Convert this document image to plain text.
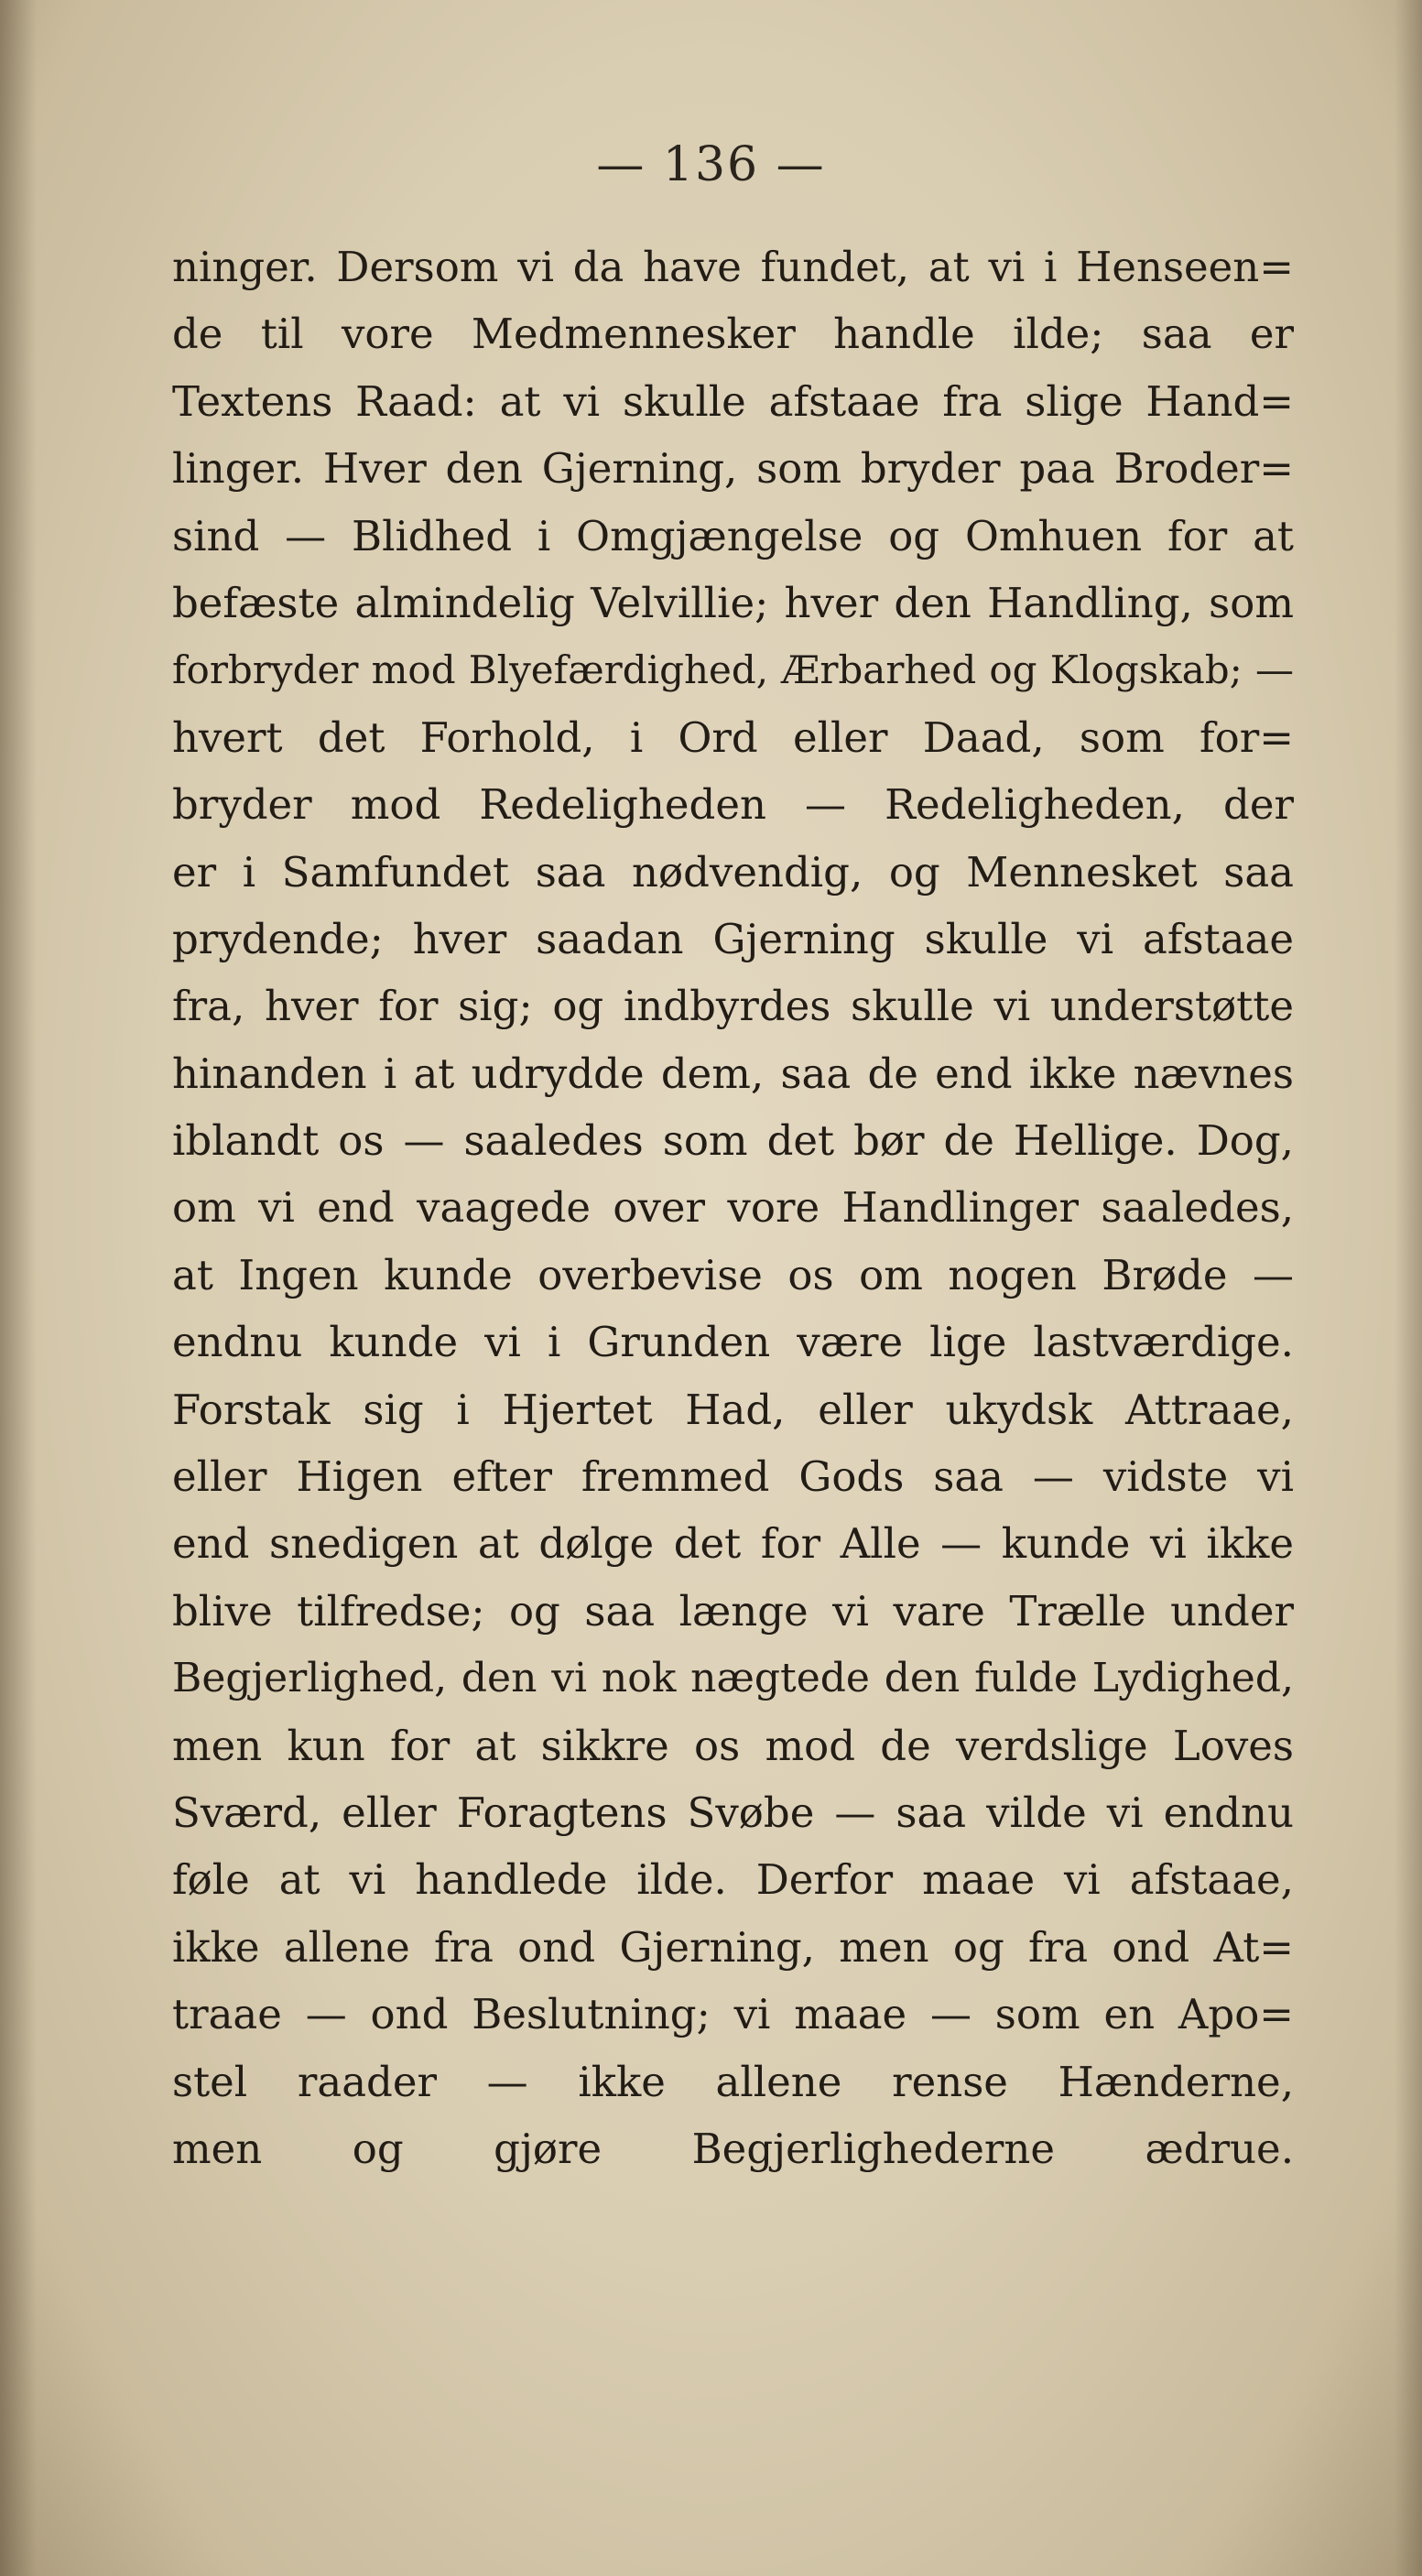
— 136 —
ninger. Dersom vi da have fundet, at vi i Henseen=
de til vore Medmennesker handle ilde; saa er
Textens Raad: at vi skulle afstaae fra slige Hand=
linger. Hver den Gjerning, som bryder paa Broder=
sind — Blidhed i Omgjængelse og Omhuen for at
befæste almindelig Velvillie; hver den Handling, som
forbryder mod Blyefærdighed, Ærbarhed og Klogskab; —
hvert det Forhold, i Ord eller Daad, som for=
bryder mod Redeligheden — Redeligheden, der
er i Samfundet saa nødvendig, og Mennesket saa
prydende; hver saadan Gjerning skulle vi afstaae
fra, hver for sig; og indbyrdes skulle vi understøtte
hinanden i at udrydde dem, saa de end ikke nævnes
iblandt os — saaledes som det bør de Hellige. Dog,
om vi end vaagede over vore Handlinger saaledes,
at Ingen kunde overbevise os om nogen Brøde —
endnu kunde vi i Grunden være lige lastværdige.
Forstak sig i Hjertet Had, eller ukydsk Attraae,
eller Higen efter fremmed Gods saa — vidste vi
end snedigen at dølge det for Alle — kunde vi ikke
blive tilfredse; og saa længe vi vare Trælle under
Begjerlighed, den vi nok nægtede den fulde Lydighed,
men kun for at sikkre os mod de verdslige Loves
Sværd, eller Foragtens Svøbe — saa vilde vi endnu
føle at vi handlede ilde. Derfor maae vi afstaae,
ikke allene fra ond Gjerning, men og fra ond At=
traae — ond Beslutning; vi maae — som en Apo=
stel raader — ikke allene rense Hænderne,
men og gjøre Begjerlighederne ædrue.
